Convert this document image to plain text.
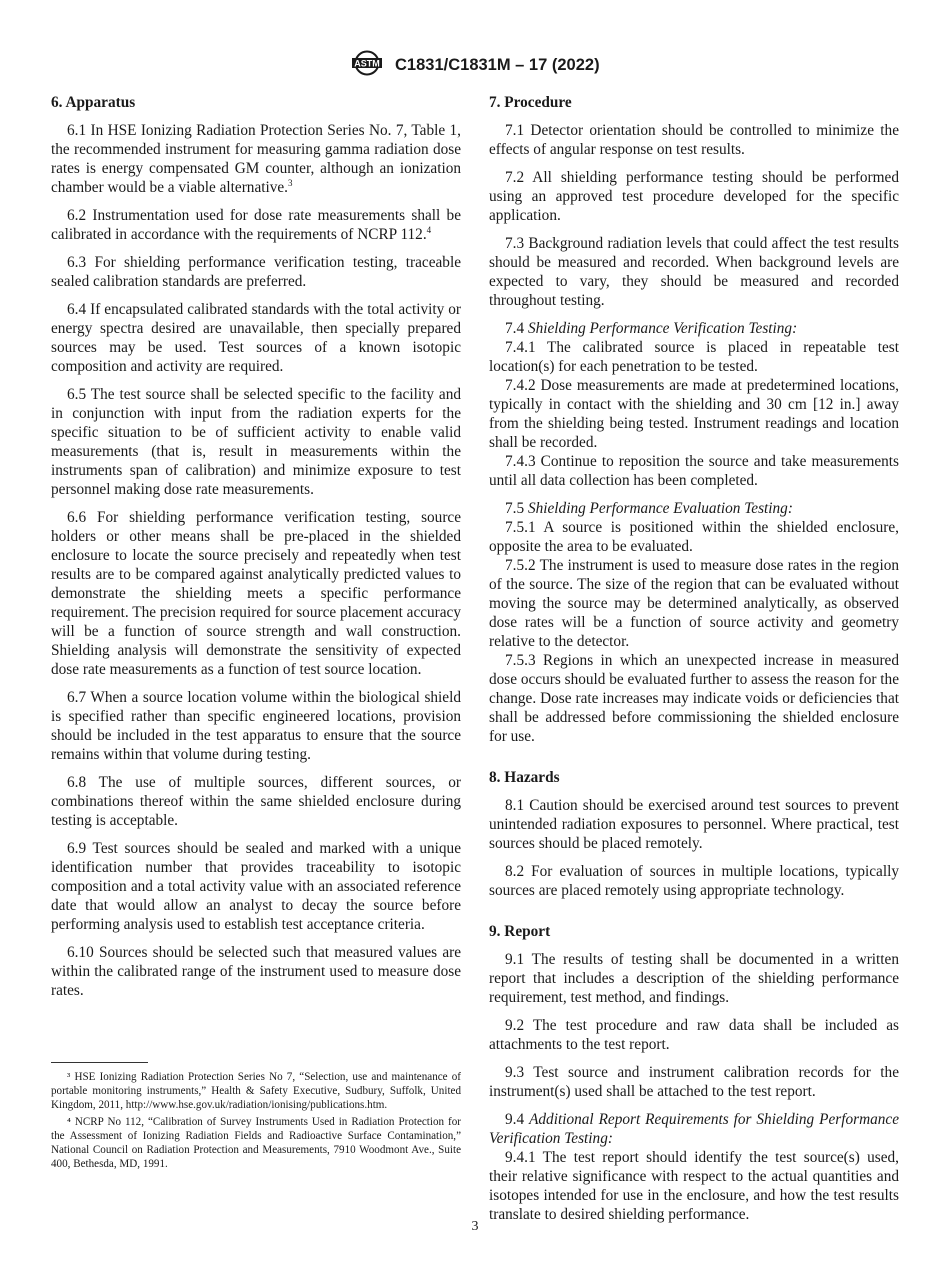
ASTM C1831/C1831M – 17 (2022)
6. Apparatus

6.1 In HSE Ionizing Radiation Protection Series No. 7, Table 1, the recommended instrument for measuring gamma radiation dose rates is energy compensated GM counter, although an ionization chamber would be a viable alternative.$^3$

6.2 Instrumentation used for dose rate measurements shall be calibrated in accordance with the requirements of NCRP 112.$^4$

6.3 For shielding performance verification testing, traceable sealed calibration standards are preferred.

6.4 If encapsulated calibrated standards with the total activity or energy spectra desired are unavailable, then specially prepared sources may be used. Test sources of a known isotopic composition and activity are required.

6.5 The test source shall be selected specific to the facility and in conjunction with input from the radiation experts for the specific situation to be of sufficient activity to enable valid measurements (that is, result in measurements within the instruments span of calibration) and minimize exposure to test personnel making dose rate measurements.

6.6 For shielding performance verification testing, source holders or other means shall be pre-placed in the shielded enclosure to locate the source precisely and repeatedly when test results are to be compared against analytically predicted values to demonstrate the shielding meets a specific performance requirement. The precision required for source placement accuracy will be a function of source strength and wall construction. Shielding analysis will demonstrate the sensitivity of expected dose rate measurements as a function of test source location.

6.7 When a source location volume within the biological shield is specified rather than specific engineered locations, provision should be included in the test apparatus to ensure that the source remains within that volume during testing.

6.8 The use of multiple sources, different sources, or combinations thereof within the same shielded enclosure during testing is acceptable.

6.9 Test sources should be sealed and marked with a unique identification number that provides traceability to isotopic composition and a total activity value with an associated reference date that would allow an analyst to decay the source before performing analysis used to establish test acceptance criteria.

6.10 Sources should be selected such that measured values are within the calibrated range of the instrument used to measure dose rates.

³ HSE Ionizing Radiation Protection Series No 7, “Selection, use and maintenance of portable monitoring instruments,” Health & Safety Executive, Sudbury, Suffolk, United Kingdom, 2011, http://www.hse.gov.uk/radiation/ionising/publications.htm.

⁴ NCRP No 112, “Calibration of Survey Instruments Used in Radiation Protection for the Assessment of Ionizing Radiation Fields and Radioactive Surface Contamination,” National Council on Radiation Protection and Measurements, 7910 Woodmont Ave., Suite 400, Bethesda, MD, 1991.

7. Procedure

7.1 Detector orientation should be controlled to minimize the effects of angular response on test results.

7.2 All shielding performance testing should be performed using an approved test procedure developed for the specific application.

7.3 Background radiation levels that could affect the test results should be measured and recorded. When background levels are expected to vary, they should be measured and recorded throughout testing.

7.4 Shielding Performance Verification Testing:

7.4.1 The calibrated source is placed in repeatable test location(s) for each penetration to be tested.

7.4.2 Dose measurements are made at predetermined locations, typically in contact with the shielding and 30 cm [12 in.] away from the shielding being tested. Instrument readings and location shall be recorded.

7.4.3 Continue to reposition the source and take measurements until all data collection has been completed.

7.5 Shielding Performance Evaluation Testing:

7.5.1 A source is positioned within the shielded enclosure, opposite the area to be evaluated.

7.5.2 The instrument is used to measure dose rates in the region of the source. The size of the region that can be evaluated without moving the source may be determined analytically, as observed dose rates will be a function of source activity and geometry relative to the detector.

7.5.3 Regions in which an unexpected increase in measured dose occurs should be evaluated further to assess the reason for the change. Dose rate increases may indicate voids or deficiencies that shall be addressed before commissioning the shielded enclosure for use.

8. Hazards

8.1 Caution should be exercised around test sources to prevent unintended radiation exposures to personnel. Where practical, test sources should be placed remotely.

8.2 For evaluation of sources in multiple locations, typically sources are placed remotely using appropriate technology.

9. Report

9.1 The results of testing shall be documented in a written report that includes a description of the shielding performance requirement, test method, and findings.

9.2 The test procedure and raw data shall be included as attachments to the test report.

9.3 Test source and instrument calibration records for the instrument(s) used shall be attached to the test report.

9.4 Additional Report Requirements for Shielding Performance Verification Testing:

9.4.1 The test report should identify the test source(s) used, their relative significance with respect to the actual quantities and isotopes intended for use in the enclosure, and how the test results translate to desired shielding performance.

3
